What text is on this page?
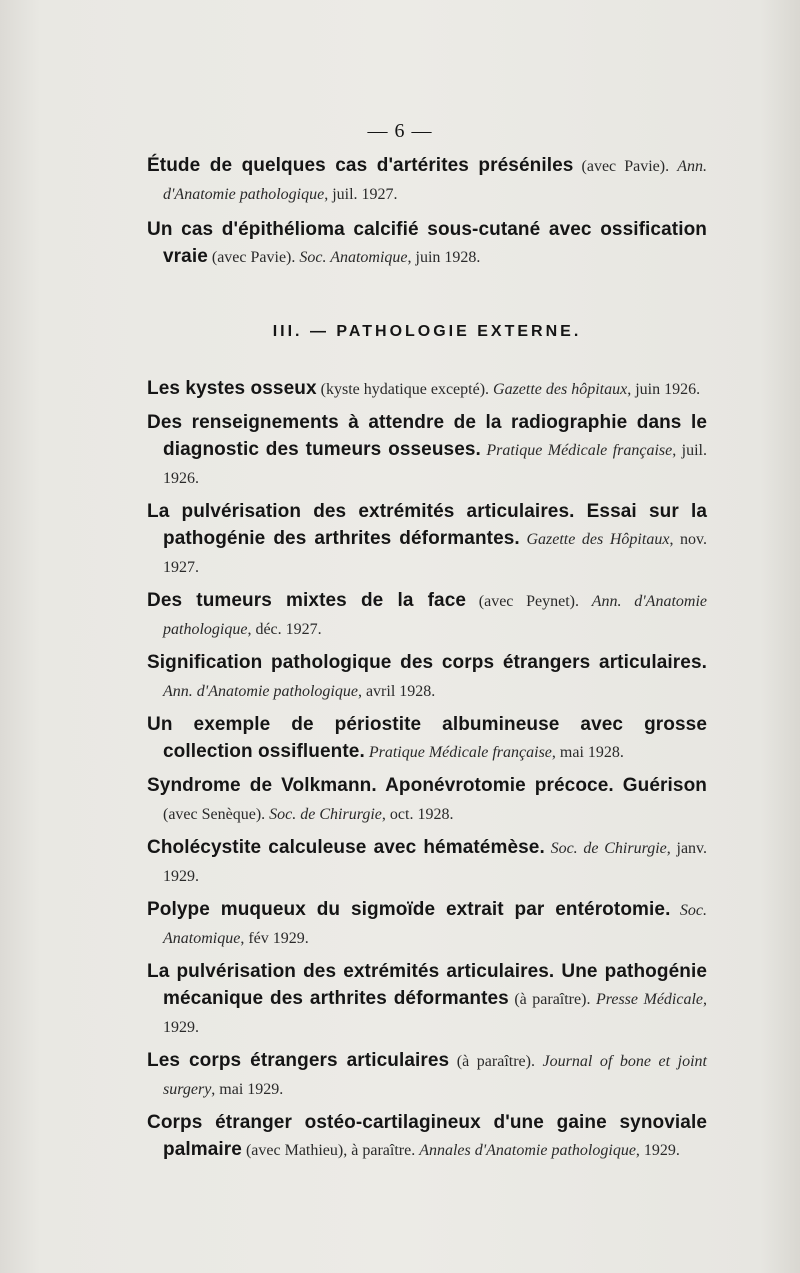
— 6 —

Étude de quelques cas d'artérites préséniles (avec Pavie). Ann. d'Anatomie pathologique, juil. 1927.

Un cas d'épithélioma calcifié sous-cutané avec ossification vraie (avec Pavie). Soc. Anatomique, juin 1928.

III. — PATHOLOGIE EXTERNE.

Les kystes osseux (kyste hydatique excepté). Gazette des hôpitaux, juin 1926.

Des renseignements à attendre de la radiographie dans le diagnostic des tumeurs osseuses. Pratique Médicale française, juil. 1926.

La pulvérisation des extrémités articulaires. Essai sur la pathogénie des arthrites déformantes. Gazette des Hôpitaux, nov. 1927.

Des tumeurs mixtes de la face (avec Peynet). Ann. d'Anatomie pathologique, déc. 1927.

Signification pathologique des corps étrangers articulaires. Ann. d'Anatomie pathologique, avril 1928.

Un exemple de périostite albumineuse avec grosse collection ossifluente. Pratique Médicale française, mai 1928.

Syndrome de Volkmann. Aponévrotomie précoce. Guérison (avec Senèque). Soc. de Chirurgie, oct. 1928.

Cholécystite calculeuse avec hématémèse. Soc. de Chirurgie, janv. 1929.

Polype muqueux du sigmoïde extrait par entérotomie. Soc. Anatomique, fév 1929.

La pulvérisation des extrémités articulaires. Une pathogénie mécanique des arthrites déformantes (à paraître). Presse Médicale, 1929.

Les corps étrangers articulaires (à paraître). Journal of bone et joint surgery, mai 1929.

Corps étranger ostéo-cartilagineux d'une gaine synoviale palmaire (avec Mathieu), à paraître. Annales d'Anatomie pathologique, 1929.
